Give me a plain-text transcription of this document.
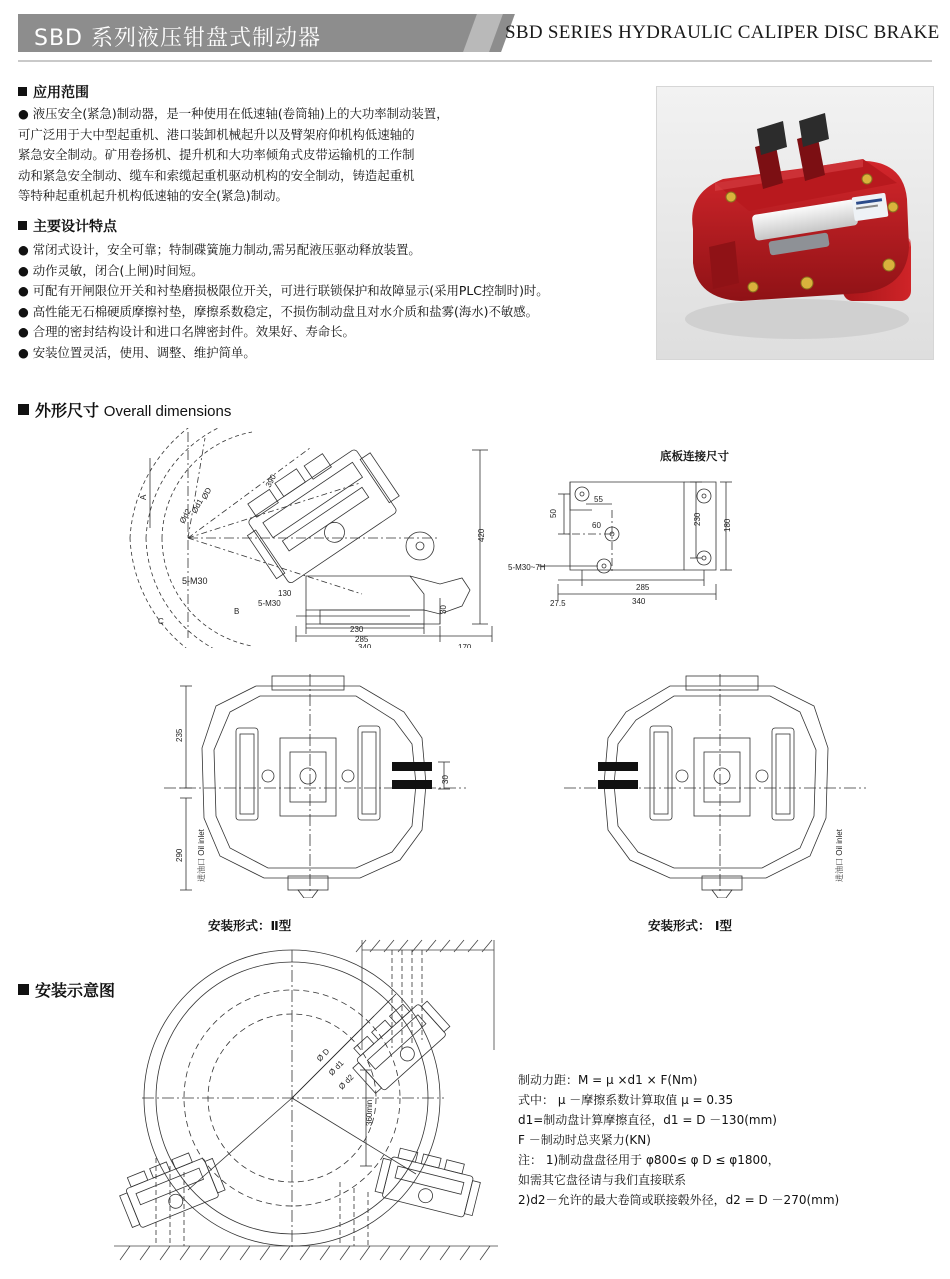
SBD 系列液压钳盘式制动器	SBD SERIES HYDRAULIC CALIPER DISC BRAKE
应用范围
● 液压安全(紧急)制动器，是一种使用在低速轴(卷筒轴)上的大功率制动装置，
可广泛用于大中型起重机、港口装卸机械起升以及臂架府仰机构低速轴的
紧急安全制动。矿用卷扬机、提升机和大功率倾角式皮带运输机的工作制
动和紧急安全制动、缆车和索缆起重机驱动机构的安全制动，铸造起重机
等特种起重机起升机构低速轴的安全(紧急)制动。
主要设计特点
● 常闭式设计，安全可靠；特制碟簧施力制动,需另配液压驱动释放装置。
● 动作灵敏，闭合(上闸)时间短。
● 可配有开闸限位开关和衬垫磨损极限位开关，可进行联锁保护和故障显示(采用PLC控制时)时。
● 高性能无石棉硬质摩擦衬垫，摩擦系数稳定，不损伤制动盘且对水介质和盐雾(海水)不敏感。
● 合理的密封结构设计和进口名牌密封件。效果好、寿命长。
● 安装位置灵活，使用、调整、维护简单。
外形尺寸 Overall dimensions
A
C
B
ØD
Ød1
Ød2
390
130
230
285
340	170
30
420
5-M30
5-M30
底板连接尺寸
55
50
60
5-M30~7H
27.5
285
340
230	180
235
290
30
进油口 Oil inlet
安装形式：Ⅱ型
进油口 Oil inlet
安装形式： Ⅰ型
安装示意图
Ø D
Ø d1
Ø d2
360min
制动力距：M = μ ×d1 × F(Nm)
式中： μ －摩擦系数计算取值 μ = 0.35
d1=制动盘计算摩擦直径，d1 = D －130(mm)
F －制动时总夹紧力(KN)
注： 1)制动盘盘径用于 φ800≤ φ D ≤ φ1800，
如需其它盘径请与我们直接联系
2)d2－允许的最大卷筒或联接毂外径，d2 = D －270(mm)
